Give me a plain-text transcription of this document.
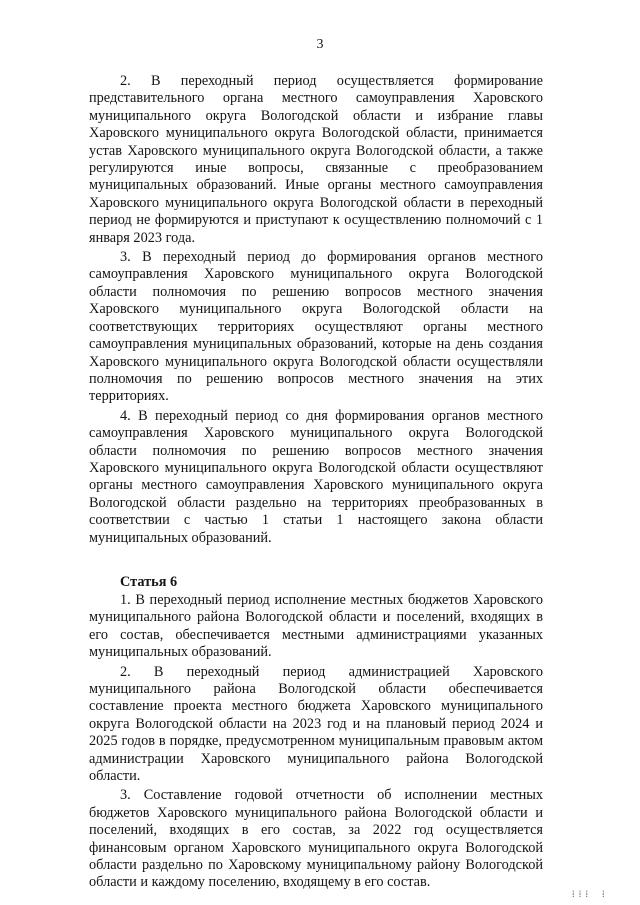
3

2. В переходный период осуществляется формирование представительного органа местного самоуправления Харовского муниципального округа Вологодской области и избрание главы Харовского муниципального округа Вологодской области, принимается устав Харовского муниципального округа Вологодской области, а также регулируются иные вопросы, связанные с преобразованием муниципальных образований. Иные органы местного самоуправления Харовского муниципального округа Вологодской области в переходный период не формируются и приступают к осуществлению полномочий с 1 января 2023 года.

3. В переходный период до формирования органов местного самоуправления Харовского муниципального округа Вологодской области полномочия по решению вопросов местного значения Харовского муниципального округа Вологодской области на соответствующих территориях осуществляют органы местного самоуправления муниципальных образований, которые на день создания Харовского муниципального округа Вологодской области осуществляли полномочия по решению вопросов местного значения на этих территориях.

4. В переходный период со дня формирования органов местного самоуправления Харовского муниципального округа Вологодской области полномочия по решению вопросов местного значения Харовского муниципального округа Вологодской области осуществляют органы местного самоуправления Харовского муниципального округа Вологодской области раздельно на территориях преобразованных в соответствии с частью 1 статьи 1 настоящего закона области муниципальных образований.

Статья 6

1. В переходный период исполнение местных бюджетов Харовского муниципального района Вологодской области и поселений, входящих в его состав, обеспечивается местными администрациями указанных муниципальных образований.

2. В переходный период администрацией Харовского муниципального района Вологодской области обеспечивается составление проекта местного бюджета Харовского муниципального округа Вологодской области на 2023 год и на плановый период 2024 и 2025 годов в порядке, предусмотренном муниципальным правовым актом администрации Харовского муниципального района Вологодской области.

3. Составление годовой отчетности об исполнении местных бюджетов Харовского муниципального района Вологодской области и поселений, входящих в его состав, за 2022 год осуществляется финансовым органом Харовского муниципального округа Вологодской области раздельно по Харовскому муниципальному району Вологодской области и каждому поселению, входящему в его состав.

⁞ ⁞ ⁞    ⁞
